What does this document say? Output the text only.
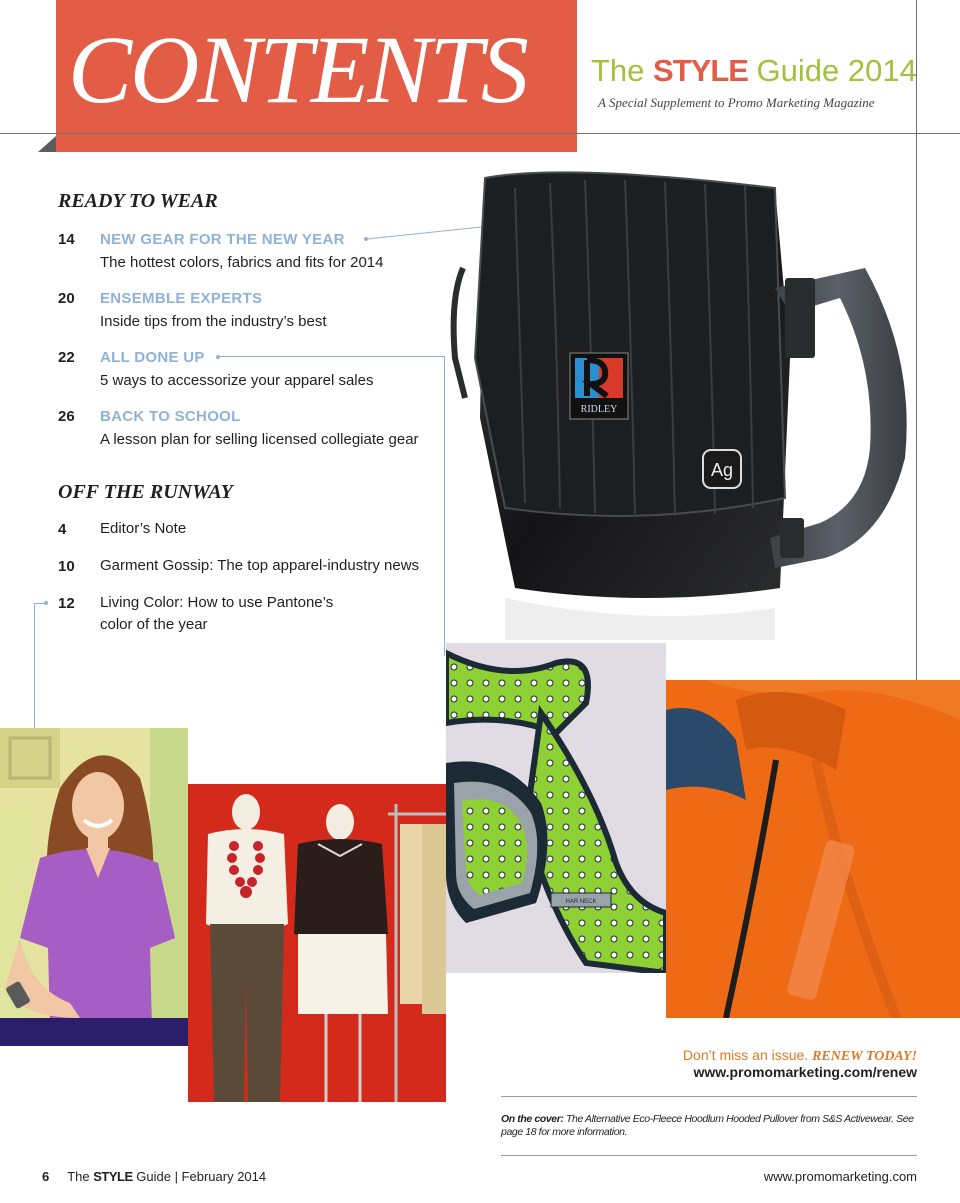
CONTENTS The STYLE Guide 2014
A Special Supplement to Promo Marketing Magazine
READY TO WEAR
14 NEW GEAR FOR THE NEW YEAR
The hottest colors, fabrics and fits for 2014
20 ENSEMBLE EXPERTS
Inside tips from the industry’s best
22 ALL DONE UP
5 ways to accessorize your apparel sales
26 BACK TO SCHOOL
A lesson plan for selling licensed collegiate gear
OFF THE RUNWAY
4 Editor’s Note
10 Garment Gossip: The top apparel-industry news
12 Living Color: How to use Pantone’s
color of the year
RIDLEY
Ag
HAR NECK
Don’t miss an issue. RENEW TODAY!
www.promomarketing.com/renew
On the cover: The Alternative Eco-Fleece Hoodlum Hooded Pullover from S&S Activewear. See page 18 for more information.
6 The STYLE Guide | February 2014	www.promomarketing.com
